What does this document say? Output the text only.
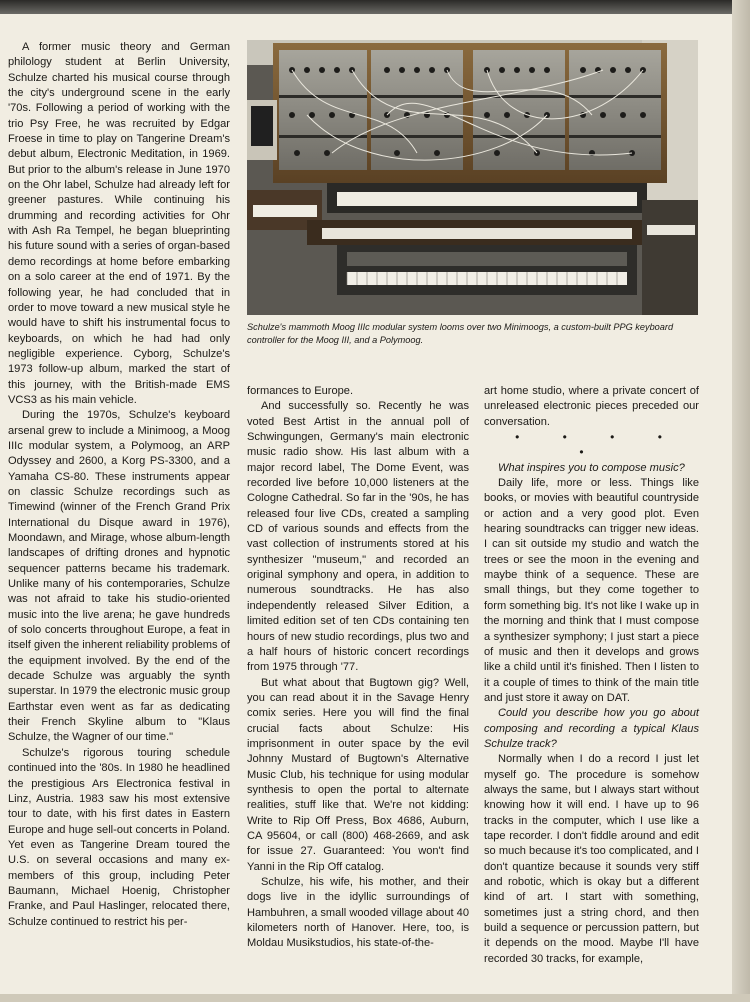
Schulze's mammoth Moog IIIc modular system looms over two Minimoogs, a custom-built PPG keyboard controller for the Moog III, and a Polymoog.

A former music theory and German philology student at Berlin University, Schulze charted his musical course through the city's underground scene in the early '70s. Following a period of working with the trio Psy Free, he was recruited by Edgar Froese in time to play on Tangerine Dream's debut album, Electronic Meditation, in 1969. But prior to the album's release in June 1970 on the Ohr label, Schulze had already left for greener pastures. While continuing his drumming and recording activities for Ohr with Ash Ra Tempel, he began blueprinting his future sound with a series of organ-based demo recordings at home before embarking on a solo career at the end of 1971. By the following year, he had concluded that in order to move toward a new musical style he would have to shift his instrumental focus to keyboards, on which he had had only negligible experience. Cyborg, Schulze's 1973 follow-up album, marked the start of this journey, with the British-made EMS VCS3 as his main vehicle.

During the 1970s, Schulze's keyboard arsenal grew to include a Minimoog, a Moog IIIc modular system, a Polymoog, an ARP Odyssey and 2600, a Korg PS-3300, and a Yamaha CS-80. These instruments appear on classic Schulze recordings such as Timewind (winner of the French Grand Prix International du Disque award in 1976), Moondawn, and Mirage, whose album-length landscapes of drifting drones and hypnotic sequencer patterns became his trademark. Unlike many of his contemporaries, Schulze was not afraid to take his studio-oriented music into the live arena; he gave hundreds of solo concerts throughout Europe, a feat in itself given the inherent reliability problems of the equipment involved. By the end of the decade Schulze was arguably the synth superstar. In 1979 the electronic music group Earthstar even went as far as dedicating their French Skyline album to "Klaus Schulze, the Wagner of our time."

Schulze's rigorous touring schedule continued into the '80s. In 1980 he headlined the prestigious Ars Electronica festival in Linz, Austria. 1983 saw his most extensive tour to date, with his first dates in Eastern Europe and huge sell-out concerts in Poland. Yet even as Tangerine Dream toured the U.S. on several occasions and many ex-members of this group, including Peter Baumann, Michael Hoenig, Christopher Franke, and Paul Haslinger, relocated there, Schulze continued to restrict his per-

formances to Europe.

And successfully so. Recently he was voted Best Artist in the annual poll of Schwingungen, Germany's main electronic music radio show. His last album with a major record label, The Dome Event, was recorded live before 10,000 listeners at the Cologne Cathedral. So far in the '90s, he has released four live CDs, created a sampling CD of various sounds and effects from the vast collection of instruments stored at his synthesizer "museum," and recorded an original symphony and opera, in addition to numerous soundtracks. He has also independently released Silver Edition, a limited edition set of ten CDs containing ten hours of new studio recordings, plus two and a half hours of historic concert recordings from 1975 through '77.

But what about that Bugtown gig? Well, you can read about it in the Savage Henry comix series. Here you will find the final crucial facts about Schulze: His imprisonment in outer space by the evil Johnny Mustard of Bugtown's Alternative Music Club, his technique for using modular synthesis to open the portal to alternate realities, stuff like that. We're not kidding: Write to Rip Off Press, Box 4686, Auburn, CA 95604, or call (800) 468-2669, and ask for issue 27. Guaranteed: You won't find Yanni in the Rip Off catalog.

Schulze, his wife, his mother, and their dogs live in the idyllic surroundings of Hambuhren, a small wooded village about 40 kilometers north of Hanover. Here, too, is Moldau Musikstudios, his state-of-the-

art home studio, where a private concert of unreleased electronic pieces preceded our conversation.

• • • • •

What inspires you to compose music?

Daily life, more or less. Things like books, or movies with beautiful countryside or action and a very good plot. Even hearing soundtracks can trigger new ideas. I can sit outside my studio and watch the trees or see the moon in the evening and maybe think of a sequence. These are small things, but they come together to form something big. It's not like I wake up in the morning and think that I must compose a synthesizer symphony; I just start a piece of music and then it develops and grows like a child until it's finished. Then I listen to it a couple of times to think of the main title and just store it away on DAT.

Could you describe how you go about composing and recording a typical Klaus Schulze track?

Normally when I do a record I just let myself go. The procedure is somehow always the same, but I always start without knowing how it will end. I have up to 96 tracks in the computer, which I use like a tape recorder. I don't fiddle around and edit so much because it's too complicated, and I don't quantize because it sounds very stiff and robotic, which is okay but a different kind of art. I start with something, sometimes just a string chord, and then build a sequence or percussion pattern, but it depends on the mood. Maybe I'll have recorded 30 tracks, for example,
